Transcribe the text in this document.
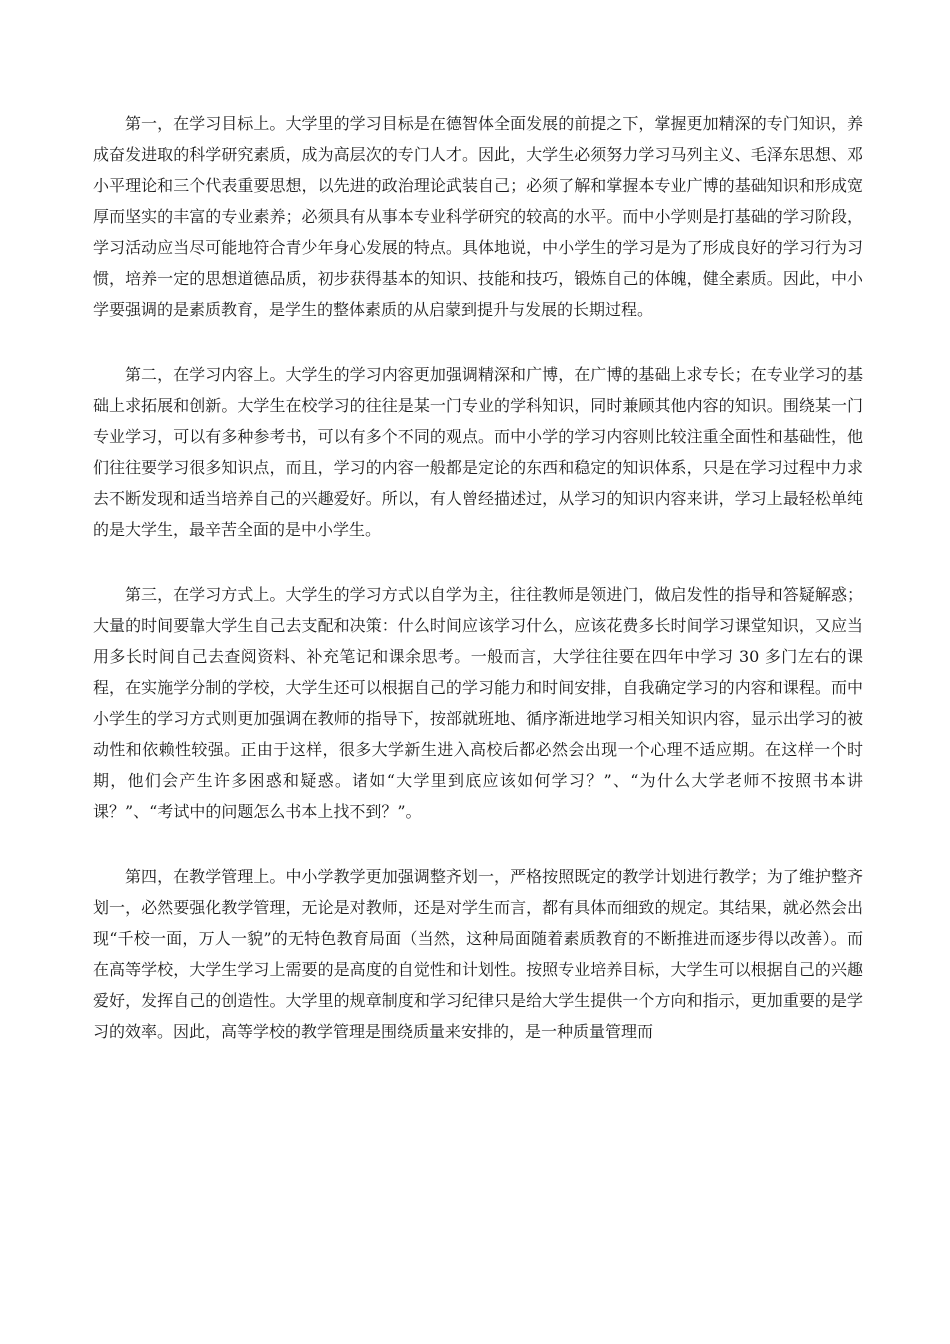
第一，在学习目标上。大学里的学习目标是在德智体全面发展的前提之下，掌握更加精深的专门知识，养成奋发进取的科学研究素质，成为高层次的专门人才。因此，大学生必须努力学习马列主义、毛泽东思想、邓小平理论和三个代表重要思想，以先进的政治理论武装自己；必须了解和掌握本专业广博的基础知识和形成宽厚而坚实的丰富的专业素养；必须具有从事本专业科学研究的较高的水平。而中小学则是打基础的学习阶段，学习活动应当尽可能地符合青少年身心发展的特点。具体地说，中小学生的学习是为了形成良好的学习行为习惯，培养一定的思想道德品质，初步获得基本的知识、技能和技巧，锻炼自己的体魄，健全素质。因此，中小学要强调的是素质教育，是学生的整体素质的从启蒙到提升与发展的长期过程。

第二，在学习内容上。大学生的学习内容更加强调精深和广博，在广博的基础上求专长；在专业学习的基础上求拓展和创新。大学生在校学习的往往是某一门专业的学科知识，同时兼顾其他内容的知识。围绕某一门专业学习，可以有多种参考书，可以有多个不同的观点。而中小学的学习内容则比较注重全面性和基础性，他们往往要学习很多知识点，而且，学习的内容一般都是定论的东西和稳定的知识体系，只是在学习过程中力求去不断发现和适当培养自己的兴趣爱好。所以，有人曾经描述过，从学习的知识内容来讲，学习上最轻松单纯的是大学生，最辛苦全面的是中小学生。

第三，在学习方式上。大学生的学习方式以自学为主，往往教师是领进门，做启发性的指导和答疑解惑；大量的时间要靠大学生自己去支配和决策：什么时间应该学习什么，应该花费多长时间学习课堂知识，又应当用多长时间自己去查阅资料、补充笔记和课余思考。一般而言，大学往往要在四年中学习 30 多门左右的课程，在实施学分制的学校，大学生还可以根据自己的学习能力和时间安排，自我确定学习的内容和课程。而中小学生的学习方式则更加强调在教师的指导下，按部就班地、循序渐进地学习相关知识内容，显示出学习的被动性和依赖性较强。正由于这样，很多大学新生进入高校后都必然会出现一个心理不适应期。在这样一个时期，他们会产生许多困惑和疑惑。诸如“大学里到底应该如何学习？”、“为什么大学老师不按照书本讲课？”、“考试中的问题怎么书本上找不到？”。

第四，在教学管理上。中小学教学更加强调整齐划一，严格按照既定的教学计划进行教学；为了维护整齐划一，必然要强化教学管理，无论是对教师，还是对学生而言，都有具体而细致的规定。其结果，就必然会出现“千校一面，万人一貌”的无特色教育局面（当然，这种局面随着素质教育的不断推进而逐步得以改善）。而在高等学校，大学生学习上需要的是高度的自觉性和计划性。按照专业培养目标，大学生可以根据自己的兴趣爱好，发挥自己的创造性。大学里的规章制度和学习纪律只是给大学生提供一个方向和指示，更加重要的是学习的效率。因此，高等学校的教学管理是围绕质量来安排的，是一种质量管理而
